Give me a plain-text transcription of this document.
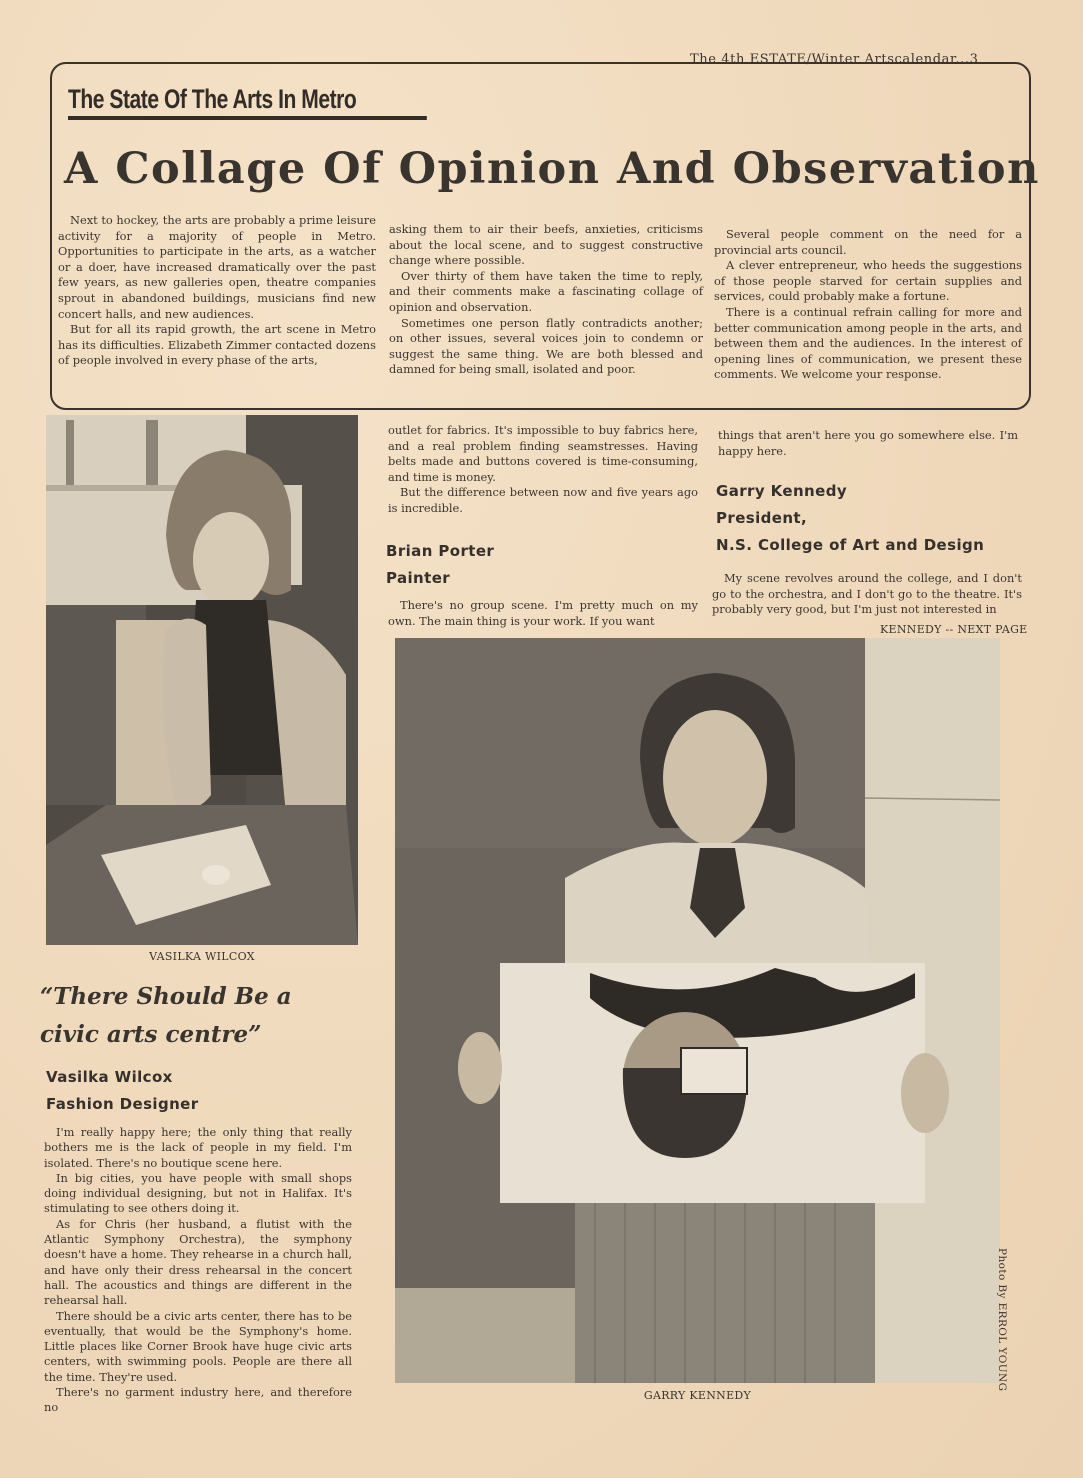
The 4th ESTATE/Winter Artscalendar...3
The State Of The Arts In Metro
A Collage Of Opinion And Observation

Next to hockey, the arts are probably a prime leisure activity for a majority of people in Metro. Opportunities to participate in the arts, as a watcher or a doer, have increased dramatically over the past few years, as new galleries open, theatre companies sprout in abandoned buildings, musicians find new concert halls, and new audiences.

But for all its rapid growth, the art scene in Metro has its difficulties. Elizabeth Zimmer contacted dozens of people involved in every phase of the arts,

asking them to air their beefs, anxieties, criticisms about the local scene, and to suggest constructive change where possible.

Over thirty of them have taken the time to reply, and their comments make a fascinating collage of opinion and observation.

Sometimes one person flatly contradicts another; on other issues, several voices join to condemn or suggest the same thing. We are both blessed and damned for being small, isolated and poor.

Several people comment on the need for a provincial arts council.

A clever entrepreneur, who heeds the suggestions of those people starved for certain supplies and services, could probably make a fortune.

There is a continual refrain calling for more and better communication among people in the arts, and between them and the audiences. In the interest of opening lines of communication, we present these comments. We welcome your response.

VASILKA WILCOX
“There Should Be a
civic arts centre”
Vasilka Wilcox
Fashion Designer

I'm really happy here; the only thing that really bothers me is the lack of people in my field. I'm isolated. There's no boutique scene here.

In big cities, you have people with small shops doing individual designing, but not in Halifax. It's stimulating to see others doing it.

As for Chris (her husband, a flutist with the Atlantic Symphony Orchestra), the symphony doesn't have a home. They rehearse in a church hall, and have only their dress rehearsal in the concert hall. The acoustics and things are different in the rehearsal hall.

There should be a civic arts center, there has to be eventually, that would be the Symphony's home. Little places like Corner Brook have huge civic arts centers, with swimming pools. People are there all the time. They're used.

There's no garment industry here, and therefore no

outlet for fabrics. It's impossible to buy fabrics here, and a real problem finding seamstresses. Having belts made and buttons covered is time-consuming, and time is money.

But the difference between now and five years ago is incredible.

Brian Porter
Painter

There's no group scene. I'm pretty much on my own. The main thing is your work. If you want

things that aren't here you go somewhere else. I'm happy here.

Garry Kennedy
President,
N.S. College of Art and Design

My scene revolves around the college, and I don't go to the orchestra, and I don't go to the theatre. It's probably very good, but I'm just not interested in

KENNEDY -- NEXT PAGE
GARRY KENNEDY
Photo By ERROL YOUNG
